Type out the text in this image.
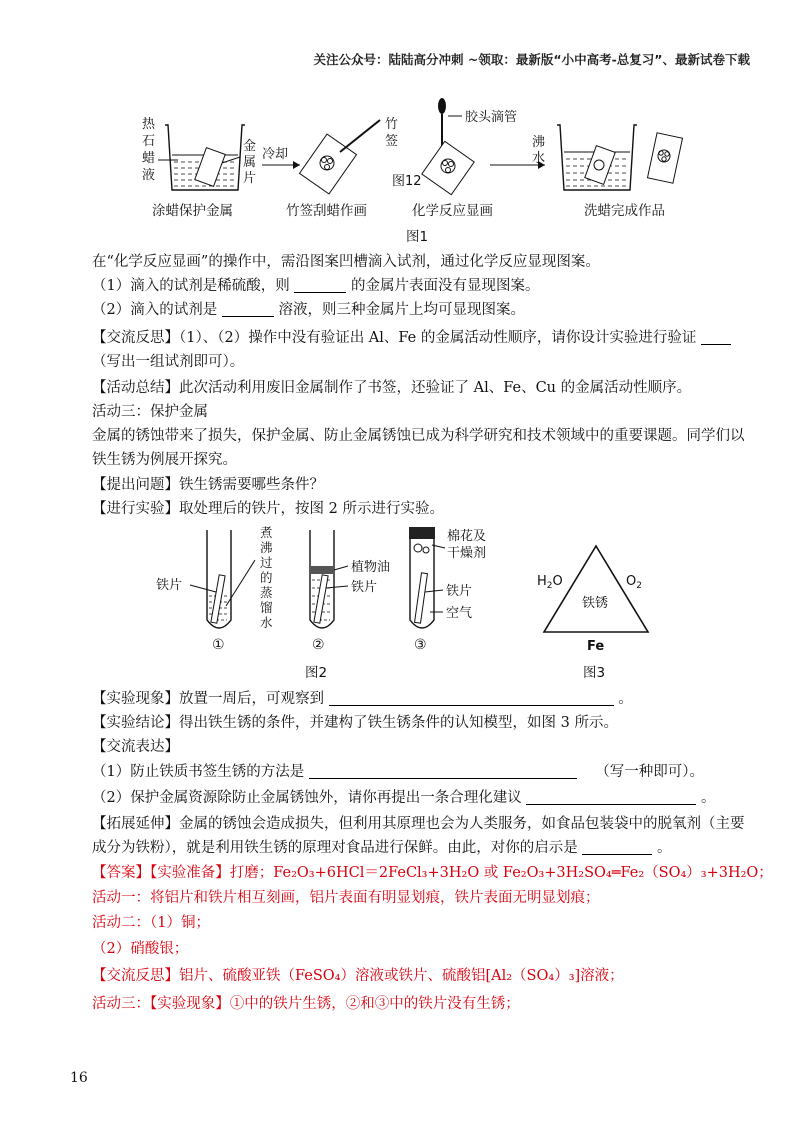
关注公众号：陆陆高分冲刺 ~领取：最新版“小中高考-总复习”、最新试卷下载
热
石
蜡
液
金
属
片
冷却
竹
签
胶头滴管
图12
沸
水
涂蜡保护金属	竹签刮蜡作画	化学反应显画	洗蜡完成作品
图1
铁片
煮
沸
过
的
蒸
馏
水
①
植物油
铁片
②
棉花及
干燥剂
铁片
空气
③
图2
$H_2O$	$O_2$
铁锈
Fe
图3
在“化学反应显画”的操作中，需沿图案凹槽滴入试剂，通过化学反应显现图案。
（1）滴入的试剂是稀硫酸，则	的金属片表面没有显现图案。
（2）滴入的试剂是	溶液，则三种金属片上均可显现图案。
【交流反思】（1）、（2）操作中没有验证出 Al、Fe 的金属活动性顺序，请你设计实验进行验证
（写出一组试剂即可）。
【活动总结】此次活动利用废旧金属制作了书签，还验证了 Al、Fe、Cu 的金属活动性顺序。
活动三：保护金属
金属的锈蚀带来了损失，保护金属、防止金属锈蚀已成为科学研究和技术领域中的重要课题。同学们以
铁生锈为例展开探究。
【提出问题】铁生锈需要哪些条件？
【进行实验】取处理后的铁片，按图 2 所示进行实验。
【实验现象】放置一周后，可观察到	。
【实验结论】得出铁生锈的条件，并建构了铁生锈条件的认知模型，如图 3 所示。
【交流表达】
（1）防止铁质书签生锈的方法是	（写一种即可）。
（2）保护金属资源除防止金属锈蚀外，请你再提出一条合理化建议	。
【拓展延伸】金属的锈蚀会造成损失，但利用其原理也会为人类服务，如食品包装袋中的脱氧剂（主要
成分为铁粉），就是利用铁生锈的原理对食品进行保鲜。由此，对你的启示是	。
【答案】【实验准备】打磨；Fe₂O₃+6HCl＝2FeCl₃+3H₂O 或 Fe₂O₃+3H₂SO₄═Fe₂（SO₄）₃+3H₂O；
活动一：将铝片和铁片相互刻画，铝片表面有明显划痕，铁片表面无明显划痕；
活动二：（1）铜；
（2）硝酸银；
【交流反思】铝片、硫酸亚铁（FeSO₄）溶液或铁片、硫酸铝[Al₂（SO₄）₃]溶液；
活动三：【实验现象】①中的铁片生锈，②和③中的铁片没有生锈；
16
